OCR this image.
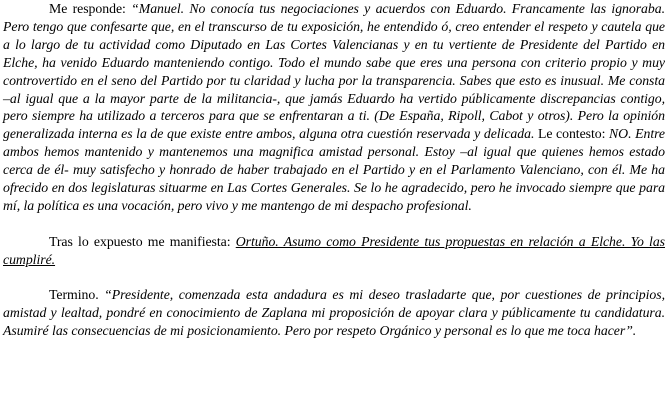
Me responde: “Manuel. No conocía tus negociaciones y acuerdos con Eduardo. Francamente las ignoraba. Pero tengo que confesarte que, en el transcurso de tu exposición, he entendido ó, creo entender el respeto y cautela que a lo largo de tu actividad como Diputado en Las Cortes Valencianas y en tu vertiente de Presidente del Partido en Elche, ha venido Eduardo manteniendo contigo. Todo el mundo sabe que eres una persona con criterio propio y muy controvertido en el seno del Partido por tu claridad y lucha por la transparencia. Sabes que esto es inusual. Me consta –al igual que a la mayor parte de la militancia-, que jamás Eduardo ha vertido públicamente discrepancias contigo, pero siempre ha utilizado a terceros para que se enfrentaran a ti. (De España, Ripoll, Cabot y otros). Pero la opinión generalizada interna es la de que existe entre ambos, alguna otra cuestión reservada y delicada. Le contesto: NO. Entre ambos hemos mantenido y mantenemos una magnifica amistad personal. Estoy –al igual que quienes hemos estado cerca de él- muy satisfecho y honrado de haber trabajado en el Partido y en el Parlamento Valenciano, con él. Me ha ofrecido en dos legislaturas situarme en Las Cortes Generales. Se lo he agradecido, pero he invocado siempre que para mí, la política es una vocación, pero vivo y me mantengo de mi despacho profesional.

Tras lo expuesto me manifiesta: Ortuño. Asumo como Presidente tus propuestas en relación a Elche. Yo las cumpliré.

Termino. “Presidente, comenzada esta andadura es mi deseo trasladarte que, por cuestiones de principios, amistad y lealtad, pondré en conocimiento de Zaplana mi proposición de apoyar clara y públicamente tu candidatura. Asumiré las consecuencias de mi posicionamiento. Pero por respeto Orgánico y personal es lo que me toca hacer”.
